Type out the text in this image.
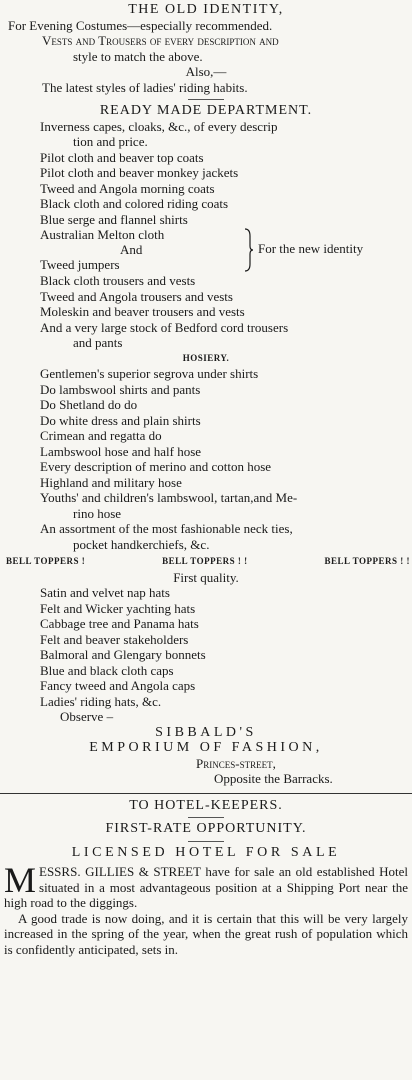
THE OLD IDENTITY,
For Evening Costumes—especially recommended.
Vests and Trousers of every description and
style to match the above.
Also,—
The latest styles of ladies' riding habits.
READY MADE DEPARTMENT.
Inverness capes, cloaks, &c., of every descrip
tion and price.
Pilot cloth and beaver top coats
Pilot cloth and beaver monkey jackets
Tweed and Angola morning coats
Black cloth and colored riding coats
Blue serge and flannel shirts
Australian Melton cloth
And
Tweed jumpers
For the new identity
Black cloth trousers and vests
Tweed and Angola trousers and vests
Moleskin and beaver trousers and vests
And a very large stock of Bedford cord trousers
and pants
HOSIERY.
Gentlemen's superior segrova under shirts
Do lambswool shirts and pants
Do Shetland do do
Do white dress and plain shirts
Crimean and regatta do
Lambswool hose and half hose
Every description of merino and cotton hose
Highland and military hose
Youths' and children's lambswool, tartan,and Me-
rino hose
An assortment of the most fashionable neck ties,
pocket handkerchiefs, &c.
BELL TOPPERS !	BELL TOPPERS ! !	BELL TOPPERS ! !
First quality.
Satin and velvet nap hats
Felt and Wicker yachting hats
Cabbage tree and Panama hats
Felt and beaver stakeholders
Balmoral and Glengary bonnets
Blue and black cloth caps
Fancy tweed and Angola caps
Ladies' riding hats, &c.
Observe –
SIBBALD'S
EMPORIUM OF FASHION,
Princes-street,
Opposite the Barracks.
TO HOTEL-KEEPERS.
FIRST-RATE OPPORTUNITY.
LICENSED HOTEL FOR SALE
MESSRS. GILLIES & STREET have for sale an old established Hotel situated in a most advantageous position at a Shipping Port near the high road to the diggings.
A good trade is now doing, and it is certain that this will be very largely increased in the spring of the year, when the great rush of population which is confidently anticipated, sets in.
